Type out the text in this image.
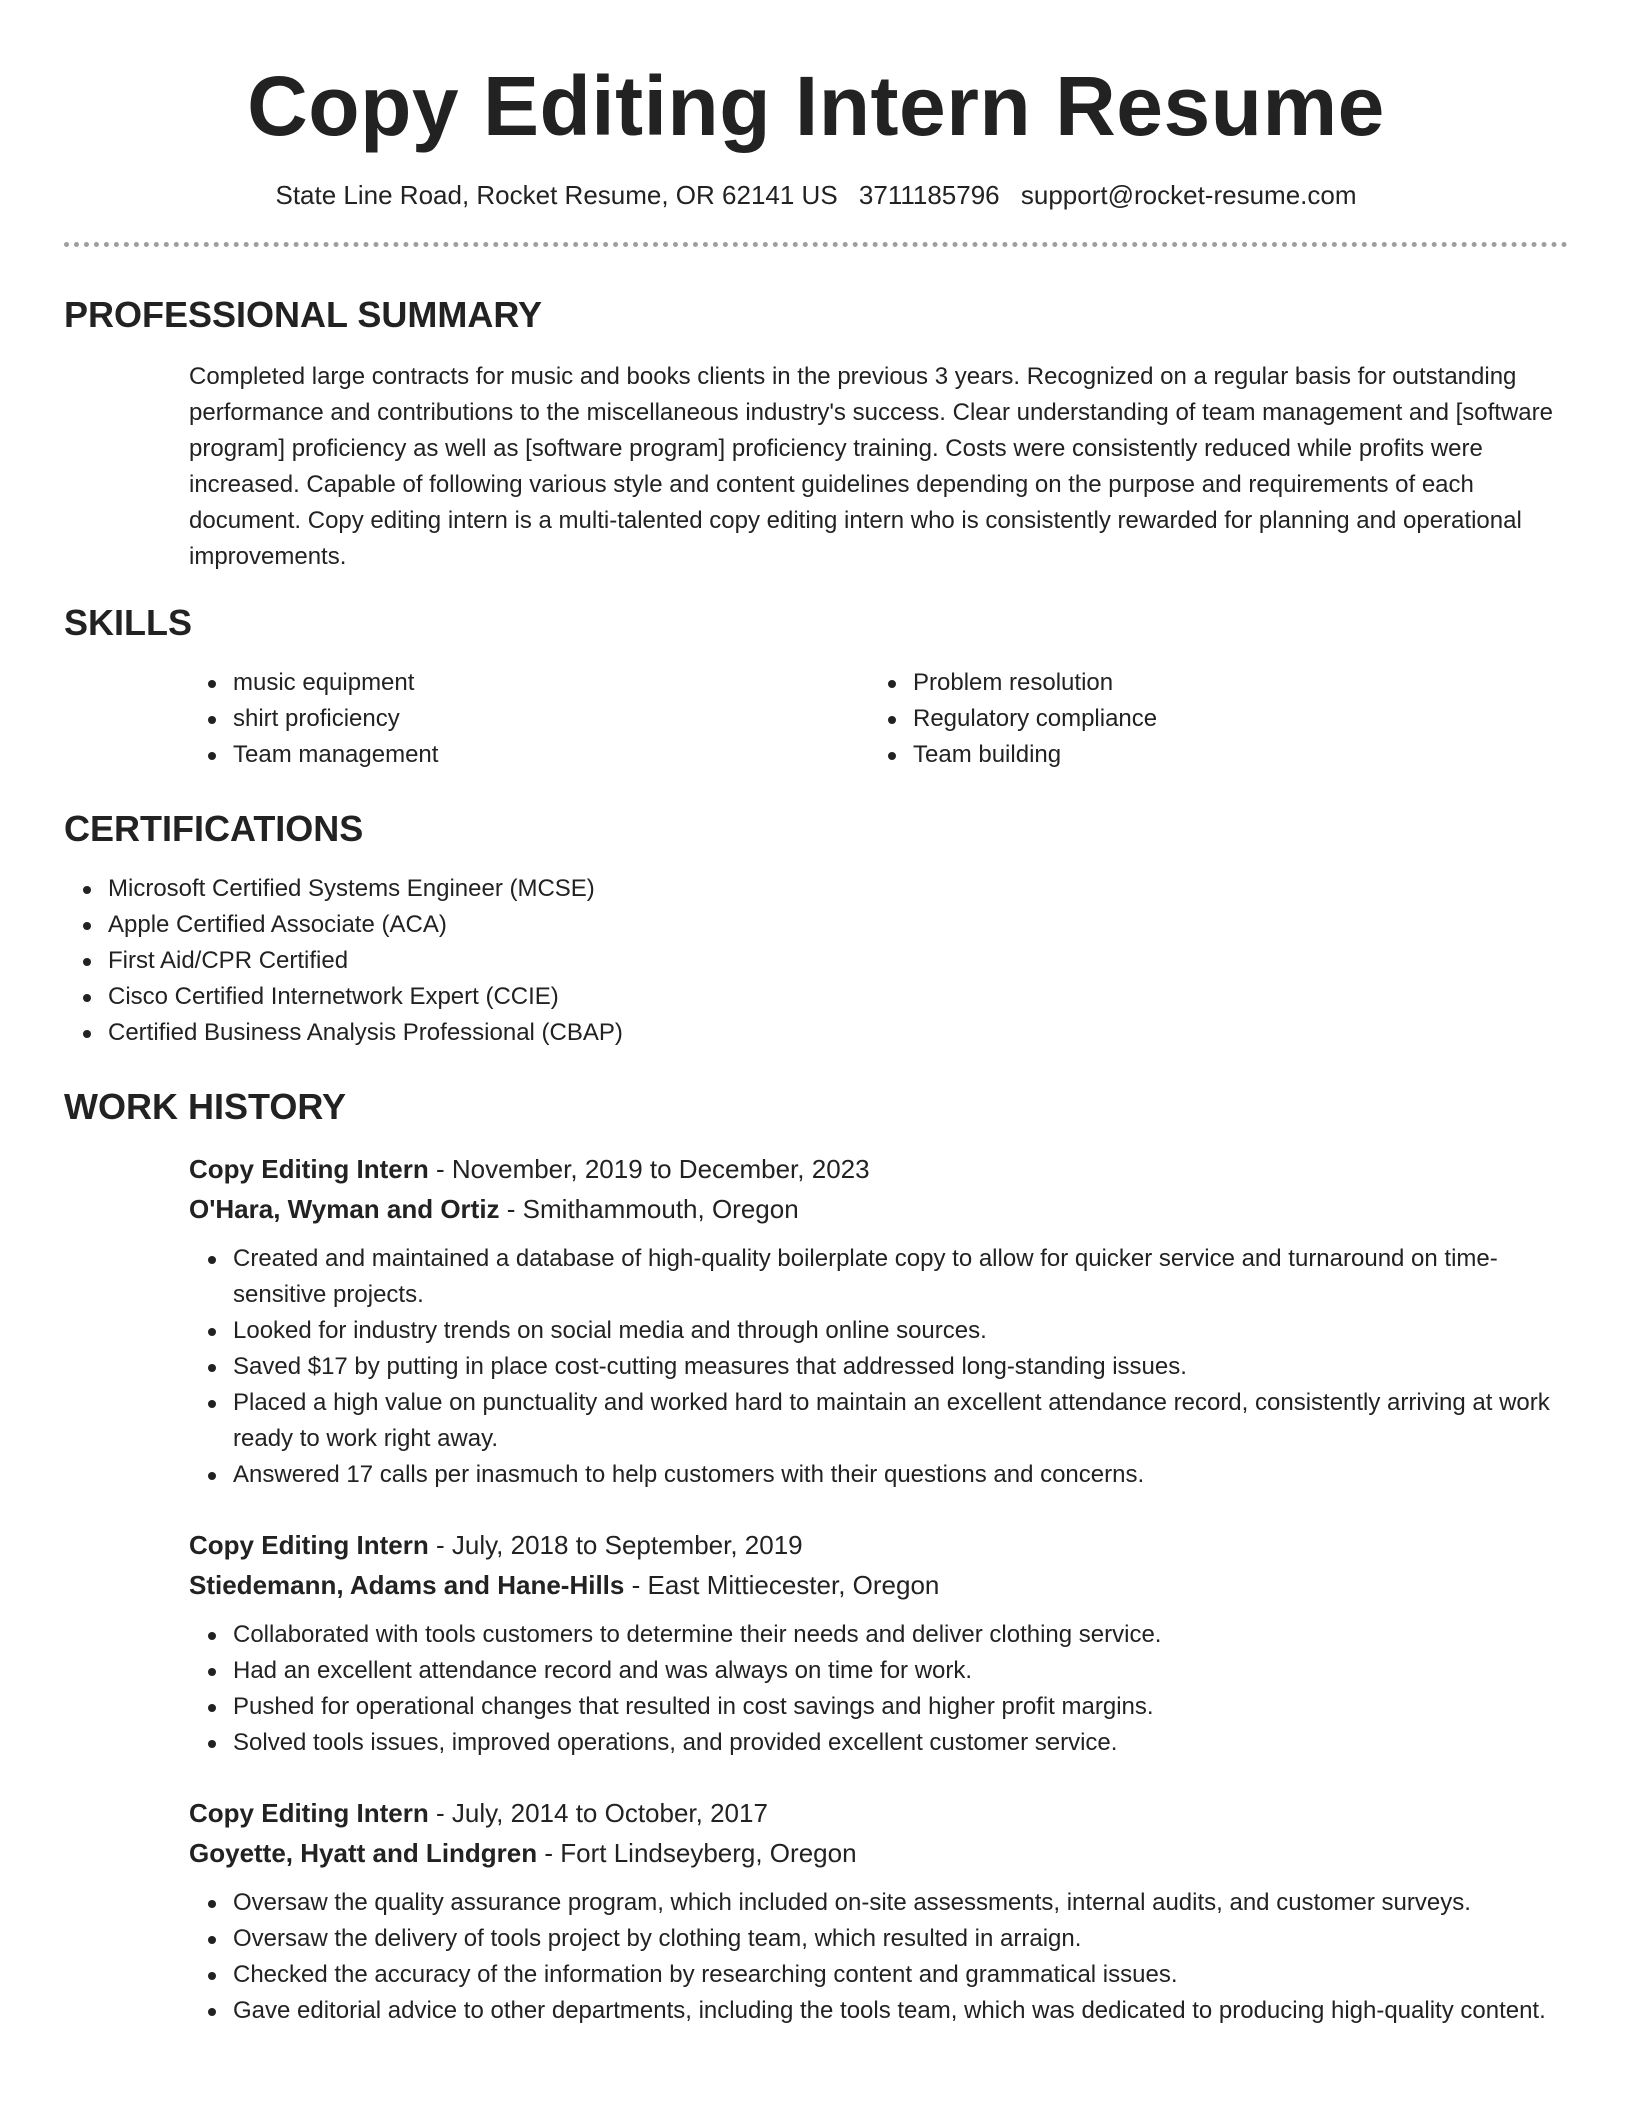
Copy Editing Intern Resume
State Line Road, Rocket Resume, OR 62141 US 3711185796 support@rocket-resume.com
PROFESSIONAL SUMMARY

Completed large contracts for music and books clients in the previous 3 years. Recognized on a regular basis for outstanding performance and contributions to the miscellaneous industry's success. Clear understanding of team management and [software program] proficiency as well as [software program] proficiency training. Costs were consistently reduced while profits were increased. Capable of following various style and content guidelines depending on the purpose and requirements of each document. Copy editing intern is a multi-talented copy editing intern who is consistently rewarded for planning and operational improvements.

SKILLS
music equipment
shirt proficiency
Team management
Problem resolution
Regulatory compliance
Team building
CERTIFICATIONS
Microsoft Certified Systems Engineer (MCSE)
Apple Certified Associate (ACA)
First Aid/CPR Certified
Cisco Certified Internetwork Expert (CCIE)
Certified Business Analysis Professional (CBAP)
WORK HISTORY
Copy Editing Intern - November, 2019 to December, 2023
O'Hara, Wyman and Ortiz - Smithammouth, Oregon
Created and maintained a database of high-quality boilerplate copy to allow for quicker service and turnaround on time-sensitive projects.
Looked for industry trends on social media and through online sources.
Saved $17 by putting in place cost-cutting measures that addressed long-standing issues.
Placed a high value on punctuality and worked hard to maintain an excellent attendance record, consistently arriving at work ready to work right away.
Answered 17 calls per inasmuch to help customers with their questions and concerns.
Copy Editing Intern - July, 2018 to September, 2019
Stiedemann, Adams and Hane-Hills - East Mittiecester, Oregon
Collaborated with tools customers to determine their needs and deliver clothing service.
Had an excellent attendance record and was always on time for work.
Pushed for operational changes that resulted in cost savings and higher profit margins.
Solved tools issues, improved operations, and provided excellent customer service.
Copy Editing Intern - July, 2014 to October, 2017
Goyette, Hyatt and Lindgren - Fort Lindseyberg, Oregon
Oversaw the quality assurance program, which included on-site assessments, internal audits, and customer surveys.
Oversaw the delivery of tools project by clothing team, which resulted in arraign.
Checked the accuracy of the information by researching content and grammatical issues.
Gave editorial advice to other departments, including the tools team, which was dedicated to producing high-quality content.
